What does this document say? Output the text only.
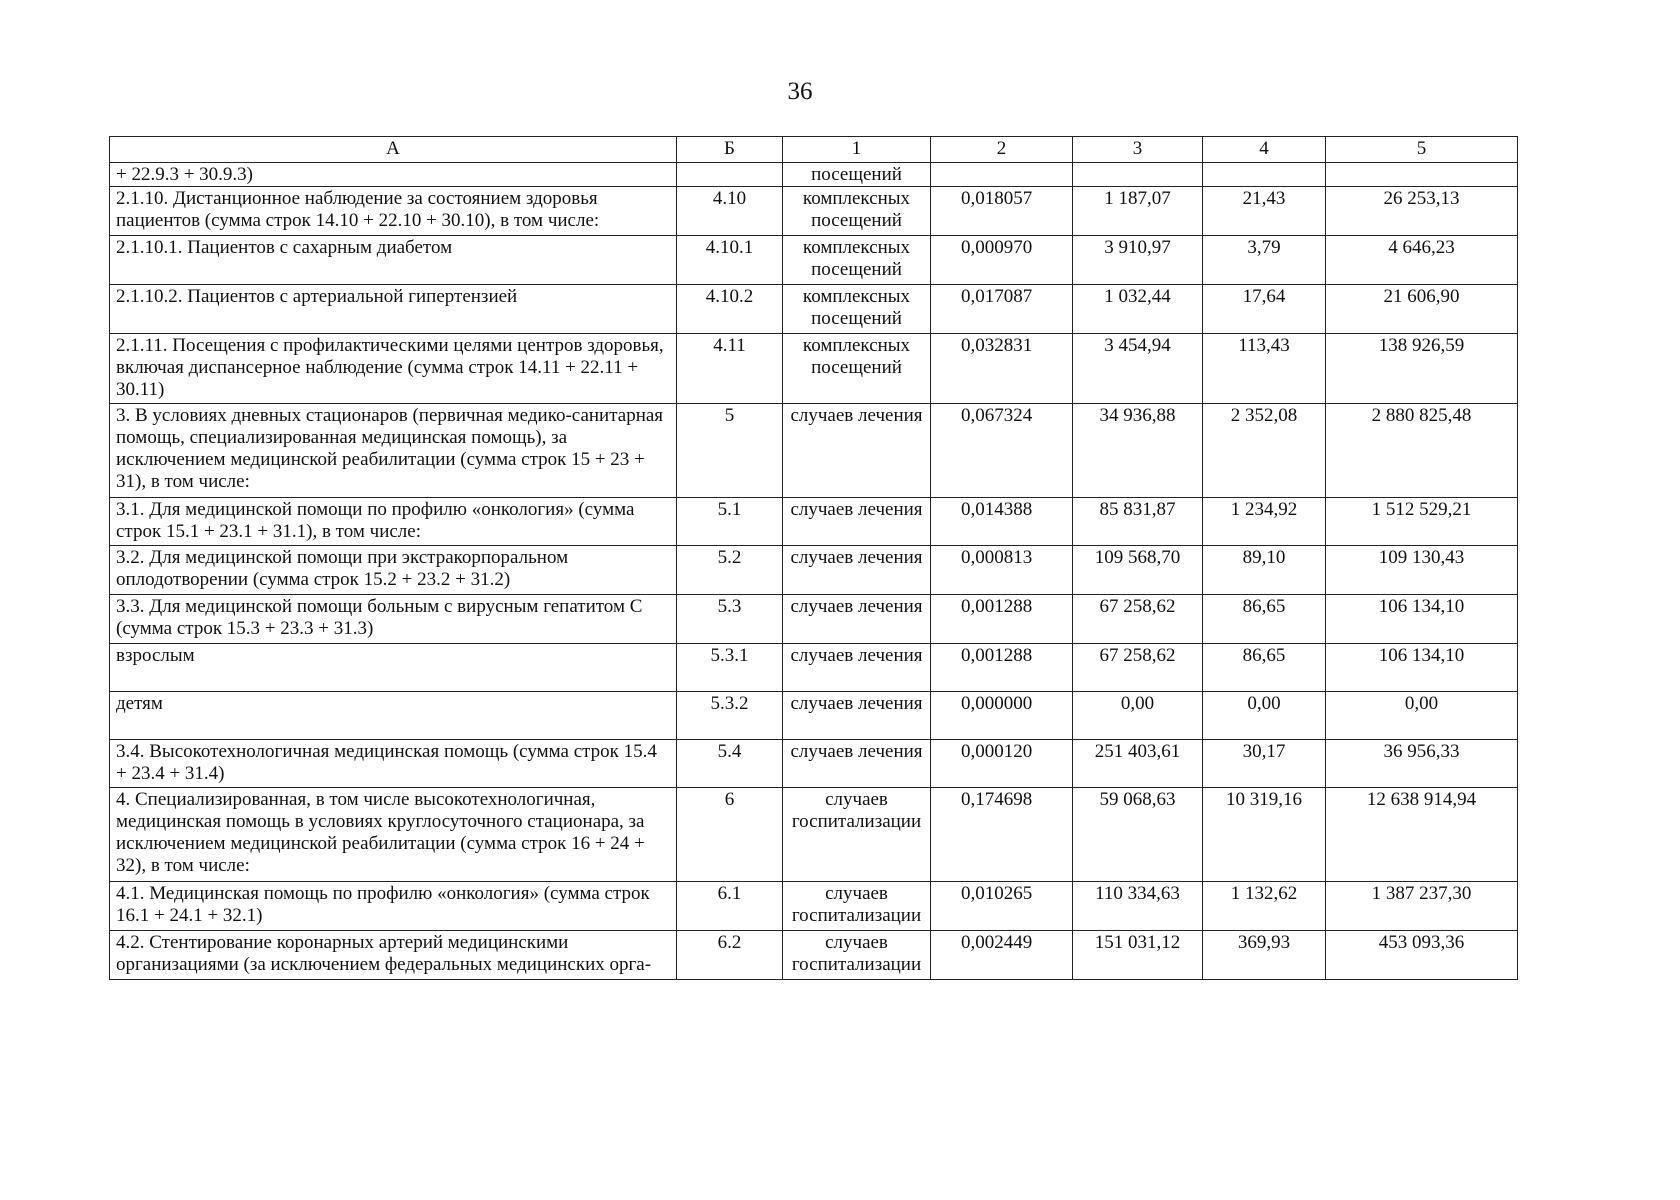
36
А	Б	1	2	3	4	5
+ 22.9.3 + 30.9.3)		посещений				
2.1.10. Дистанционное наблюдение за состоянием здоровья пациентов (сумма строк 14.10 + 22.10 + 30.10), в том числе:	4.10	комплексных посещений	0,018057	1 187,07	21,43	26 253,13
2.1.10.1. Пациентов с сахарным диабетом	4.10.1	комплексных посещений	0,000970	3 910,97	3,79	4 646,23
2.1.10.2. Пациентов с артериальной гипертензией	4.10.2	комплексных посещений	0,017087	1 032,44	17,64	21 606,90
2.1.11. Посещения с профилактическими целями центров здоровья, включая диспансерное наблюдение (сумма строк 14.11 + 22.11 + 30.11)	4.11	комплексных посещений	0,032831	3 454,94	113,43	138 926,59
3. В условиях дневных стационаров (первичная медико-санитарная помощь, специализированная медицинская помощь), за исключением медицинской реабилитации (сумма строк 15 + 23 + 31), в том числе:	5	случаев лечения	0,067324	34 936,88	2 352,08	2 880 825,48
3.1. Для медицинской помощи по профилю «онкология» (сумма строк 15.1 + 23.1 + 31.1), в том числе:	5.1	случаев лечения	0,014388	85 831,87	1 234,92	1 512 529,21
3.2. Для медицинской помощи при экстракорпоральном оплодотворении (сумма строк 15.2 + 23.2 + 31.2)	5.2	случаев лечения	0,000813	109 568,70	89,10	109 130,43
3.3. Для медицинской помощи больным с вирусным гепатитом С (сумма строк 15.3 + 23.3 + 31.3)	5.3	случаев лечения	0,001288	67 258,62	86,65	106 134,10
взрослым	5.3.1	случаев лечения	0,001288	67 258,62	86,65	106 134,10
детям	5.3.2	случаев лечения	0,000000	0,00	0,00	0,00
3.4. Высокотехнологичная медицинская помощь (сумма строк 15.4 + 23.4 + 31.4)	5.4	случаев лечения	0,000120	251 403,61	30,17	36 956,33
4. Специализированная, в том числе высокотехнологичная, медицинская помощь в условиях круглосуточного стационара, за исключением медицинской реабилитации (сумма строк 16 + 24 + 32), в том числе:	6	случаев госпитализации	0,174698	59 068,63	10 319,16	12 638 914,94
4.1. Медицинская помощь по профилю «онкология» (сумма строк 16.1 + 24.1 + 32.1)	6.1	случаев госпитализации	0,010265	110 334,63	1 132,62	1 387 237,30
4.2. Стентирование коронарных артерий медицинскими организациями (за исключением федеральных медицинских орга-	6.2	случаев госпитализации	0,002449	151 031,12	369,93	453 093,36
